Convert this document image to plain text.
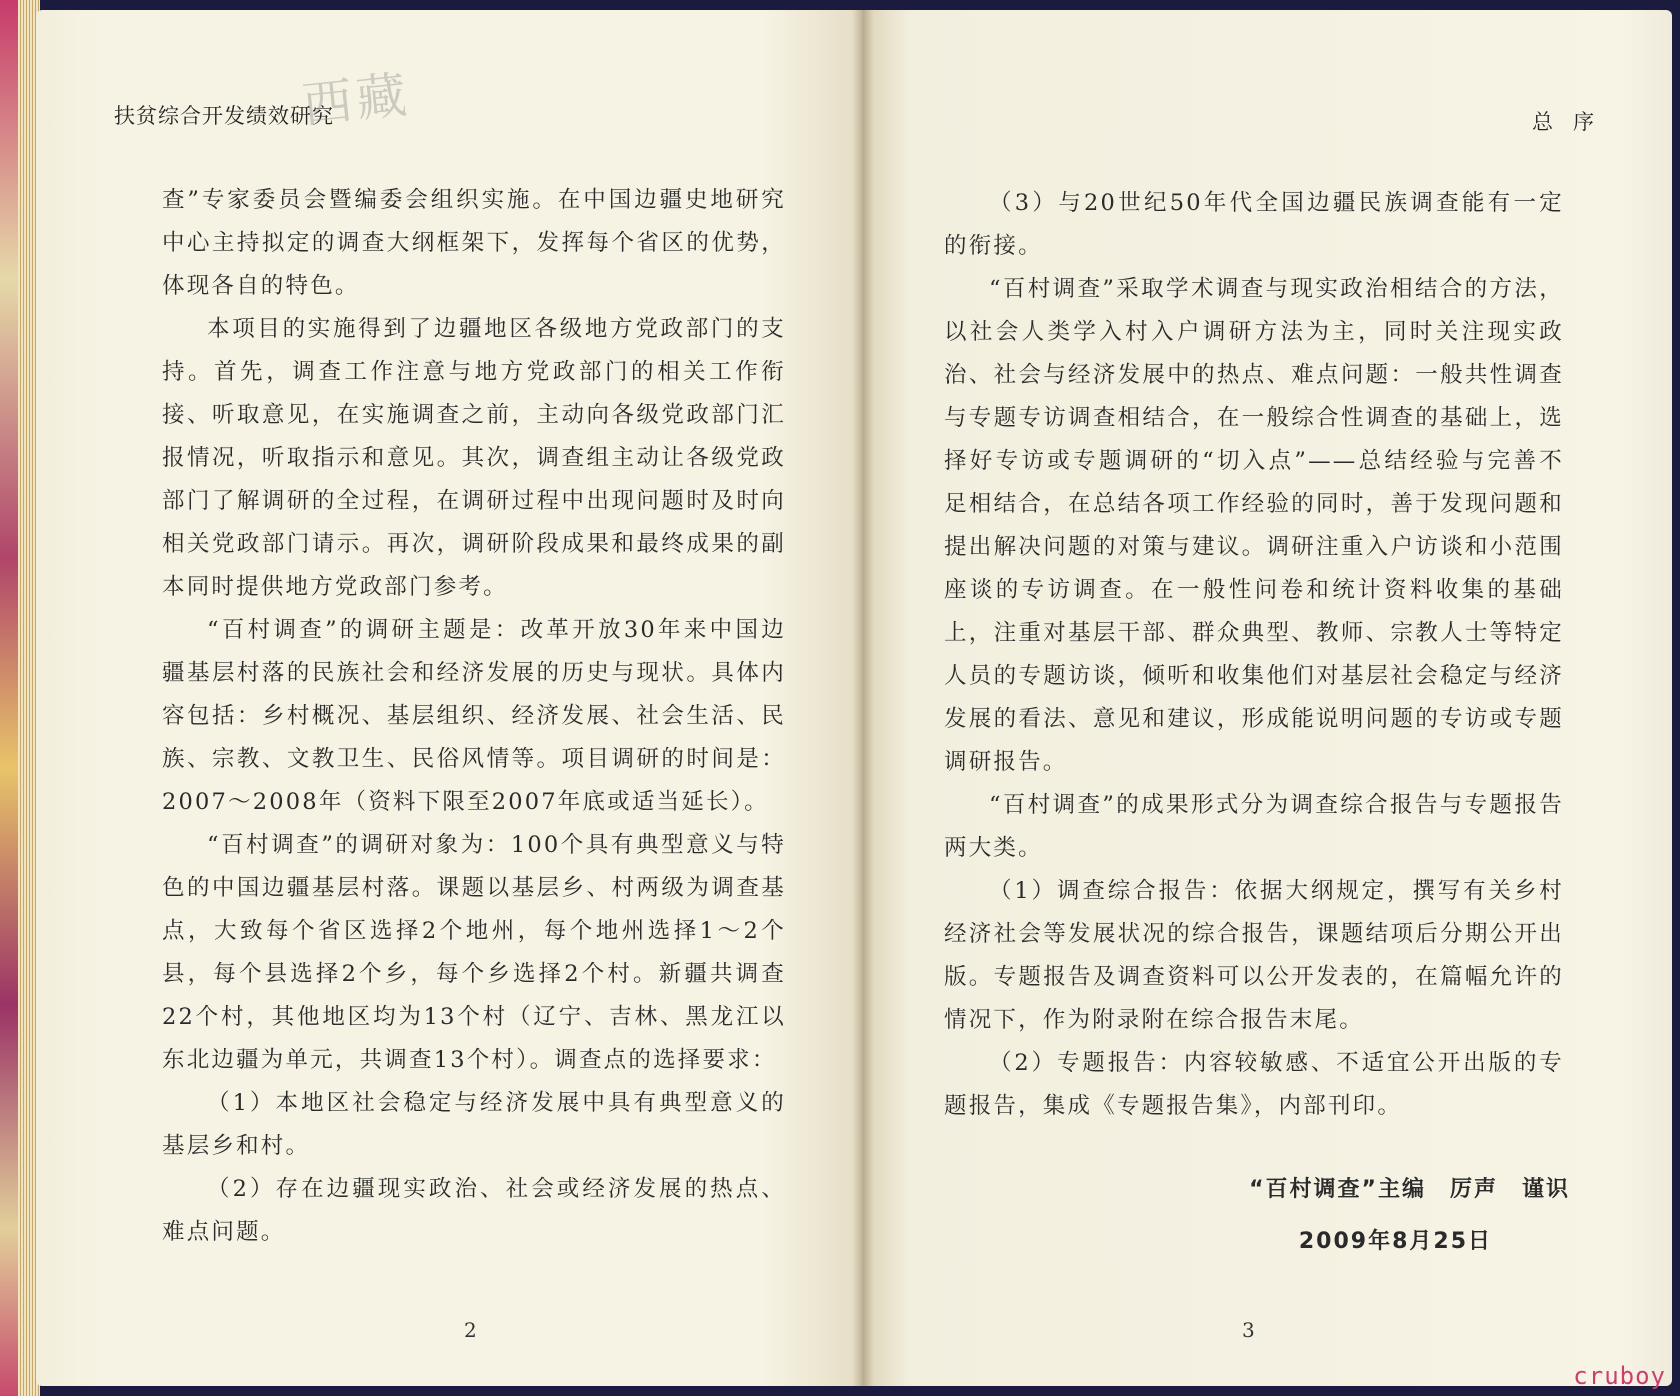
扶贫综合开发绩效研究
西藏	总序

查”专家委员会暨编委会组织实施。在中国边疆史地研究中心主持拟定的调查大纲框架下，发挥每个省区的优势，体现各自的特色。

本项目的实施得到了边疆地区各级地方党政部门的支持。首先，调查工作注意与地方党政部门的相关工作衔接、听取意见，在实施调查之前，主动向各级党政部门汇报情况，听取指示和意见。其次，调查组主动让各级党政部门了解调研的全过程，在调研过程中出现问题时及时向相关党政部门请示。再次，调研阶段成果和最终成果的副本同时提供地方党政部门参考。

“百村调查”的调研主题是：改革开放30年来中国边疆基层村落的民族社会和经济发展的历史与现状。具体内容包括：乡村概况、基层组织、经济发展、社会生活、民族、宗教、文教卫生、民俗风情等。项目调研的时间是：2007～2008年（资料下限至2007年底或适当延长）。

“百村调查”的调研对象为：100个具有典型意义与特色的中国边疆基层村落。课题以基层乡、村两级为调查基点，大致每个省区选择2个地州，每个地州选择1～2个县，每个县选择2个乡，每个乡选择2个村。新疆共调查22个村，其他地区均为13个村（辽宁、吉林、黑龙江以东北边疆为单元，共调查13个村）。调查点的选择要求：

（1）本地区社会稳定与经济发展中具有典型意义的基层乡和村。

（2）存在边疆现实政治、社会或经济发展的热点、难点问题。

（3）与20世纪50年代全国边疆民族调查能有一定的衔接。

“百村调查”采取学术调查与现实政治相结合的方法，以社会人类学入村入户调研方法为主，同时关注现实政治、社会与经济发展中的热点、难点问题：一般共性调查与专题专访调查相结合，在一般综合性调查的基础上，选择好专访或专题调研的“切入点”——总结经验与完善不足相结合，在总结各项工作经验的同时，善于发现问题和提出解决问题的对策与建议。调研注重入户访谈和小范围座谈的专访调查。在一般性问卷和统计资料收集的基础上，注重对基层干部、群众典型、教师、宗教人士等特定人员的专题访谈，倾听和收集他们对基层社会稳定与经济发展的看法、意见和建议，形成能说明问题的专访或专题调研报告。

“百村调查”的成果形式分为调查综合报告与专题报告两大类。

（1）调查综合报告：依据大纲规定，撰写有关乡村经济社会等发展状况的综合报告，课题结项后分期公开出版。专题报告及调查资料可以公开发表的，在篇幅允许的情况下，作为附录附在综合报告末尾。

（2）专题报告：内容较敏感、不适宜公开出版的专题报告，集成《专题报告集》，内部刊印。

“百村调查”主编　厉声　谨识
2009年8月25日
2	3
cruboy
